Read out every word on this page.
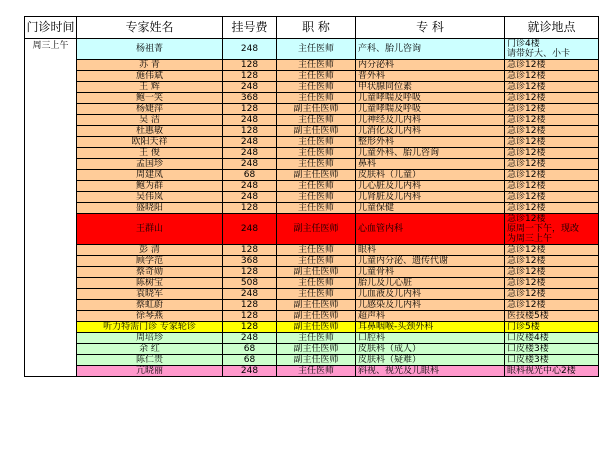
门诊时间	专家姓名	挂号费	职 称	专 科	就诊地点
周三上午	杨祖菁	248	主任医师	产科、胎儿咨询	门诊4楼
请带好大、小卡
	苏 青	128	主任医师	内分泌科	急诊12楼
	施伟斌	128	主任医师	普外科	急诊12楼
	王 辉	248	主任医师	甲状腺同位素	急诊12楼
	鲍一笑	368	主任医师	儿童哮喘及呼吸	急诊12楼
	杨婕萍	128	副主任医师	儿童哮喘及呼吸	急诊12楼
	吴 洁	248	主任医师	儿神经及儿内科	急诊12楼
	杜惠敏	128	副主任医师	儿消化及儿内科	急诊12楼
	欧阳天祥	248	主任医师	整形外科	急诊12楼
	王 俊	248	主任医师	儿童外科、胎儿咨询	急诊12楼
	孟国珍	248	主任医师	鼻科	急诊12楼
	周建凤	68	副主任医师	皮肤科（儿童）	急诊12楼
	鲍为群	248	主任医师	儿心脏及儿内科	急诊12楼
	吴伟岚	248	主任医师	儿肾脏及儿内科	急诊12楼
	盛晓阳	128	主任医师	儿童保健	急诊12楼
	王群山	248	副主任医师	心血管内科	急诊12楼
原周一下午，现改
为周三上午
	彭 清	128	主任医师	眼科	急诊12楼
	顾学范	368	主任医师	儿童内分泌、遗传代谢	急诊12楼
	蔡奇勋	128	副主任医师	儿童骨科	急诊12楼
	陈树宝	508	主任医师	胎儿及儿心脏	急诊12楼
	袁晓军	248	主任医师	儿血液及儿内科	急诊12楼
	蔡虹蔚	128	副主任医师	儿感染及儿内科	急诊12楼
	徐琴燕	128	副主任医师	超声科	医技楼5楼
	听力特需门诊 专家轮诊	128	副主任医师	耳鼻咽喉-头颈外科	门诊5楼
	周培珍	248	主任医师	口腔科	口皮楼4楼
	余 红	68	副主任医师	皮肤科（成人）	口皮楼3楼
	陈仁贵	68	副主任医师	皮肤科（疑难）	口皮楼3楼
	亢晓丽	248	主任医师	斜视、视光及儿眼科	眼科视光中心2楼
